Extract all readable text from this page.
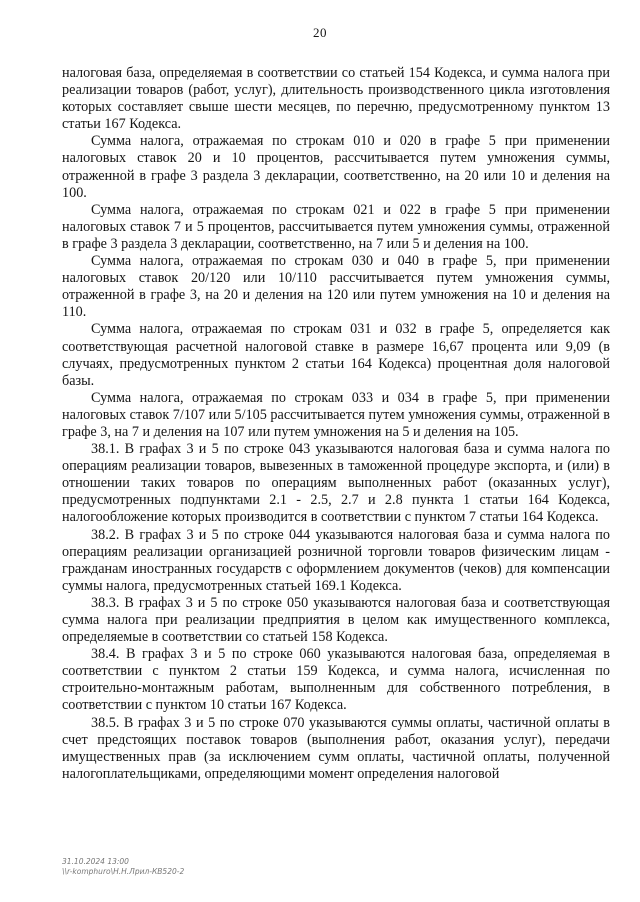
20

налоговая база, определяемая в соответствии со статьей 154 Кодекса, и сумма налога при реализации товаров (работ, услуг), длительность производственного цикла изготовления которых составляет свыше шести месяцев, по перечню, предусмотренному пунктом 13 статьи 167 Кодекса.

Сумма налога, отражаемая по строкам 010 и 020 в графе 5 при применении налоговых ставок 20 и 10 процентов, рассчитывается путем умножения суммы, отраженной в графе 3 раздела 3 декларации, соответственно, на 20 или 10 и деления на 100.

Сумма налога, отражаемая по строкам 021 и 022 в графе 5 при применении налоговых ставок 7 и 5 процентов, рассчитывается путем умножения суммы, отраженной в графе 3 раздела 3 декларации, соответственно, на 7 или 5 и деления на 100.

Сумма налога, отражаемая по строкам 030 и 040 в графе 5, при применении налоговых ставок 20/120 или 10/110 рассчитывается путем умножения суммы, отраженной в графе 3, на 20 и деления на 120 или путем умножения на 10 и деления на 110.

Сумма налога, отражаемая по строкам 031 и 032 в графе 5, определяется как соответствующая расчетной налоговой ставке в размере 16,67 процента или 9,09 (в случаях, предусмотренных пунктом 2 статьи 164 Кодекса) процентная доля налоговой базы.

Сумма налога, отражаемая по строкам 033 и 034 в графе 5, при применении налоговых ставок 7/107 или 5/105 рассчитывается путем умножения суммы, отраженной в графе 3, на 7 и деления на 107 или путем умножения на 5 и деления на 105.

38.1. В графах 3 и 5 по строке 043 указываются налоговая база и сумма налога по операциям реализации товаров, вывезенных в таможенной процедуре экспорта, и (или) в отношении таких товаров по операциям выполненных работ (оказанных услуг), предусмотренных подпунктами 2.1 - 2.5, 2.7 и 2.8 пункта 1 статьи 164 Кодекса, налогообложение которых производится в соответствии с пунктом 7 статьи 164 Кодекса.

38.2. В графах 3 и 5 по строке 044 указываются налоговая база и сумма налога по операциям реализации организацией розничной торговли товаров физическим лицам - гражданам иностранных государств с оформлением документов (чеков) для компенсации суммы налога, предусмотренных статьей 169.1 Кодекса.

38.3. В графах 3 и 5 по строке 050 указываются налоговая база и соответствующая сумма налога при реализации предприятия в целом как имущественного комплекса, определяемые в соответствии со статьей 158 Кодекса.

38.4. В графах 3 и 5 по строке 060 указываются налоговая база, определяемая в соответствии с пунктом 2 статьи 159 Кодекса, и сумма налога, исчисленная по строительно-монтажным работам, выполненным для собственного потребления, в соответствии с пунктом 10 статьи 167 Кодекса.

38.5. В графах 3 и 5 по строке 070 указываются суммы оплаты, частичной оплаты в счет предстоящих поставок товаров (выполнения работ, оказания услуг), передачи имущественных прав (за исключением сумм оплаты, частичной оплаты, полученной налогоплательщиками, определяющими момент определения налоговой

31.10.2024 13:00
\\r-komphuro\Н.Н.Лрил-КВ520-2
